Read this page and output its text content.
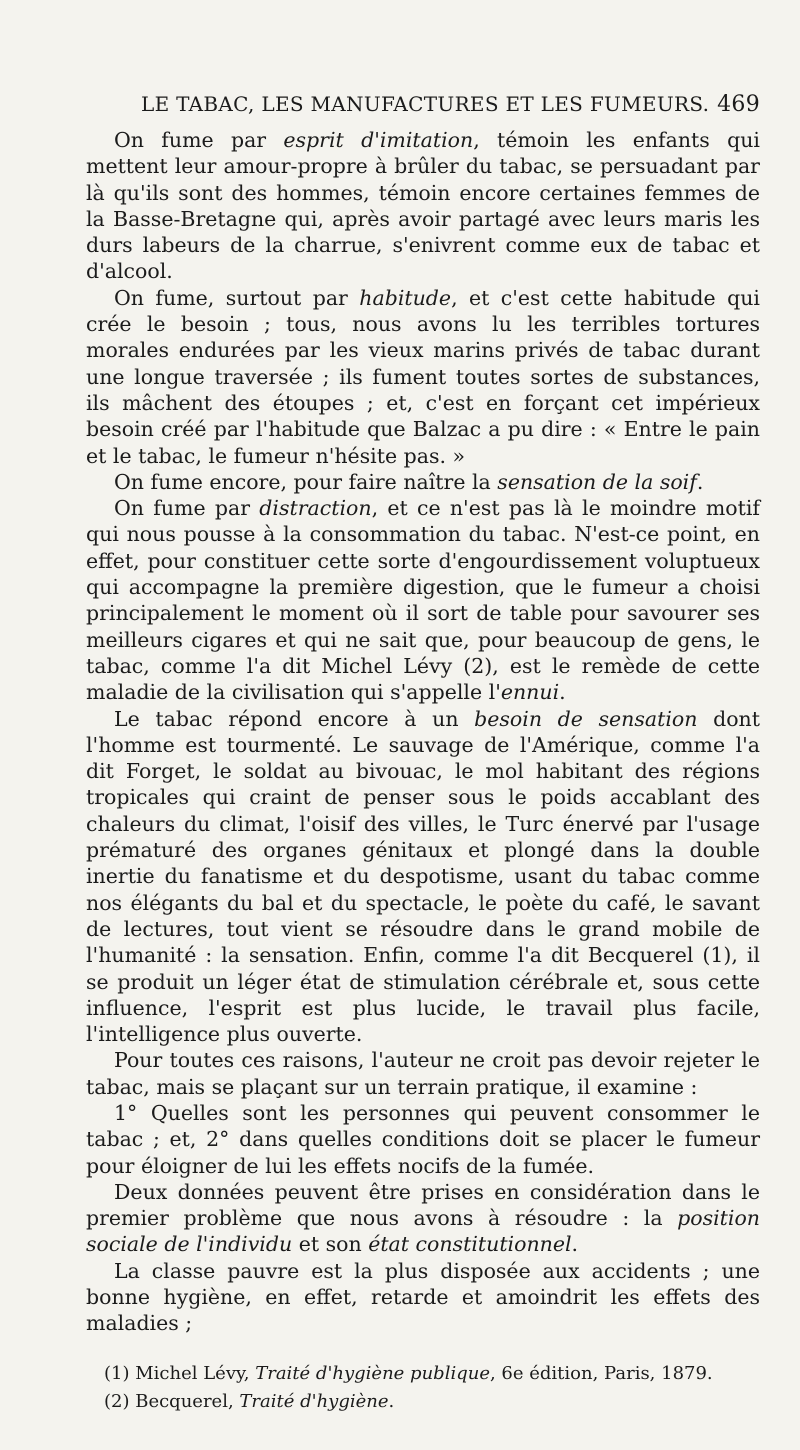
LE TABAC, LES MANUFACTURES ET LES FUMEURS. 469

On fume par esprit d'imitation, témoin les enfants qui mettent leur amour-propre à brûler du tabac, se persuadant par là qu'ils sont des hommes, témoin encore certaines femmes de la Basse-Bretagne qui, après avoir partagé avec leurs maris les durs labeurs de la charrue, s'enivrent comme eux de tabac et d'alcool.

On fume, surtout par habitude, et c'est cette habitude qui crée le besoin ; tous, nous avons lu les terribles tortures morales endurées par les vieux marins privés de tabac durant une longue traversée ; ils fument toutes sortes de substances, ils mâchent des étoupes ; et, c'est en forçant cet impérieux besoin créé par l'habitude que Balzac a pu dire : « Entre le pain et le tabac, le fumeur n'hésite pas. »

On fume encore, pour faire naître la sensation de la soif.

On fume par distraction, et ce n'est pas là le moindre motif qui nous pousse à la consommation du tabac. N'est-ce point, en effet, pour constituer cette sorte d'engourdissement voluptueux qui accompagne la première digestion, que le fumeur a choisi principalement le moment où il sort de table pour savourer ses meilleurs cigares et qui ne sait que, pour beaucoup de gens, le tabac, comme l'a dit Michel Lévy (2), est le remède de cette maladie de la civilisation qui s'appelle l'ennui.

Le tabac répond encore à un besoin de sensation dont l'homme est tourmenté. Le sauvage de l'Amérique, comme l'a dit Forget, le soldat au bivouac, le mol habitant des régions tropicales qui craint de penser sous le poids accablant des chaleurs du climat, l'oisif des villes, le Turc énervé par l'usage prématuré des organes génitaux et plongé dans la double inertie du fanatisme et du despotisme, usant du tabac comme nos élégants du bal et du spectacle, le poète du café, le savant de lectures, tout vient se résoudre dans le grand mobile de l'humanité : la sensation. Enfin, comme l'a dit Becquerel (1), il se produit un léger état de stimulation cérébrale et, sous cette influence, l'esprit est plus lucide, le travail plus facile, l'intelligence plus ouverte.

Pour toutes ces raisons, l'auteur ne croit pas devoir rejeter le tabac, mais se plaçant sur un terrain pratique, il examine :

1° Quelles sont les personnes qui peuvent consommer le tabac ; et, 2° dans quelles conditions doit se placer le fumeur pour éloigner de lui les effets nocifs de la fumée.

Deux données peuvent être prises en considération dans le premier problème que nous avons à résoudre : la position sociale de l'individu et son état constitutionnel.

La classe pauvre est la plus disposée aux accidents ; une bonne hygiène, en effet, retarde et amoindrit les effets des maladies ;

(1) Michel Lévy, Traité d'hygiène publique, 6e édition, Paris, 1879.
(2) Becquerel, Traité d'hygiène.
